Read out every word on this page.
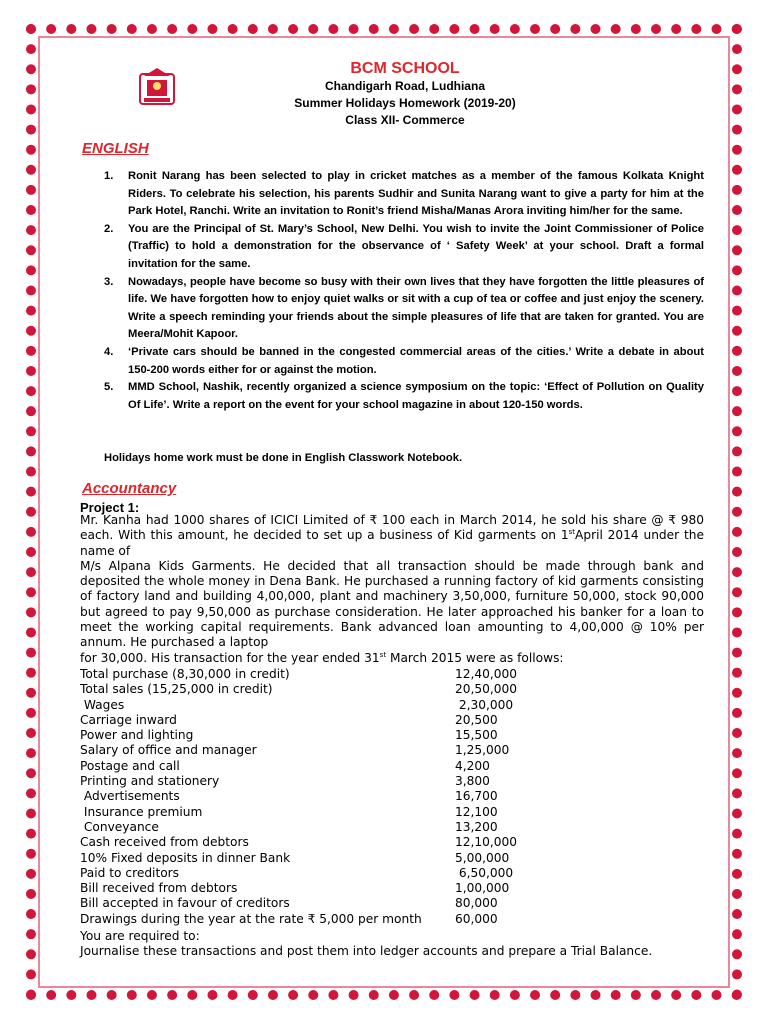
BCM SCHOOL
Chandigarh Road, Ludhiana
Summer Holidays Homework (2019-20)
Class XII- Commerce
ENGLISH
1. Ronit Narang has been selected to play in cricket matches as a member of the famous Kolkata Knight Riders. To celebrate his selection, his parents Sudhir and Sunita Narang want to give a party for him at the Park Hotel, Ranchi. Write an invitation to Ronit’s friend Misha/Manas Arora inviting him/her for the same.
2. You are the Principal of St. Mary’s School, New Delhi. You wish to invite the Joint Commissioner of Police (Traffic) to hold a demonstration for the observance of ‘ Safety Week’ at your school. Draft a formal invitation for the same.
3. Nowadays, people have become so busy with their own lives that they have forgotten the little pleasures of life. We have forgotten how to enjoy quiet walks or sit with a cup of tea or coffee and just enjoy the scenery. Write a speech reminding your friends about the simple pleasures of life that are taken for granted. You are Meera/Mohit Kapoor.
4. ‘Private cars should be banned in the congested commercial areas of the cities.’ Write a debate in about 150-200 words either for or against the motion.
5. MMD School, Nashik, recently organized a science symposium on the topic: ‘Effect of Pollution on Quality Of Life’. Write a report on the event for your school magazine in about 120-150 words.
Holidays home work must be done in English Classwork Notebook.
Accountancy
Project 1:

Mr. Kanha had 1000 shares of ICICI Limited of ₹ 100 each in March 2014, he sold his share @ ₹ 980 each. With this amount, he decided to set up a business of Kid garments on 1stApril 2014 under the name of

M/s Alpana Kids Garments. He decided that all transaction should be made through bank and deposited the whole money in Dena Bank. He purchased a running factory of kid garments consisting of factory land and building 4,00,000, plant and machinery 3,50,000, furniture 50,000, stock 90,000 but agreed to pay 9,50,000 as purchase consideration. He later approached his banker for a loan to meet the working capital requirements. Bank advanced loan amounting to 4,00,000 @ 10% per annum. He purchased a laptop

for 30,000. His transaction for the year ended 31st March 2015 were as follows:

Total purchase (8,30,000 in credit)	12,40,000
Total sales (15,25,000 in credit)	20,50,000
Wages	2,30,000
Carriage inward	20,500
Power and lighting	15,500
Salary of office and manager	1,25,000
Postage and call	4,200
Printing and stationery	3,800
Advertisements	16,700
Insurance premium	12,100
Conveyance	13,200
Cash received from debtors	12,10,000
10% Fixed deposits in dinner Bank	5,00,000
Paid to creditors	6,50,000
Bill received from debtors	1,00,000
Bill accepted in favour of creditors	80,000
Drawings during the year at the rate ₹ 5,000 per month	60,000

You are required to:

Journalise these transactions and post them into ledger accounts and prepare a Trial Balance.
